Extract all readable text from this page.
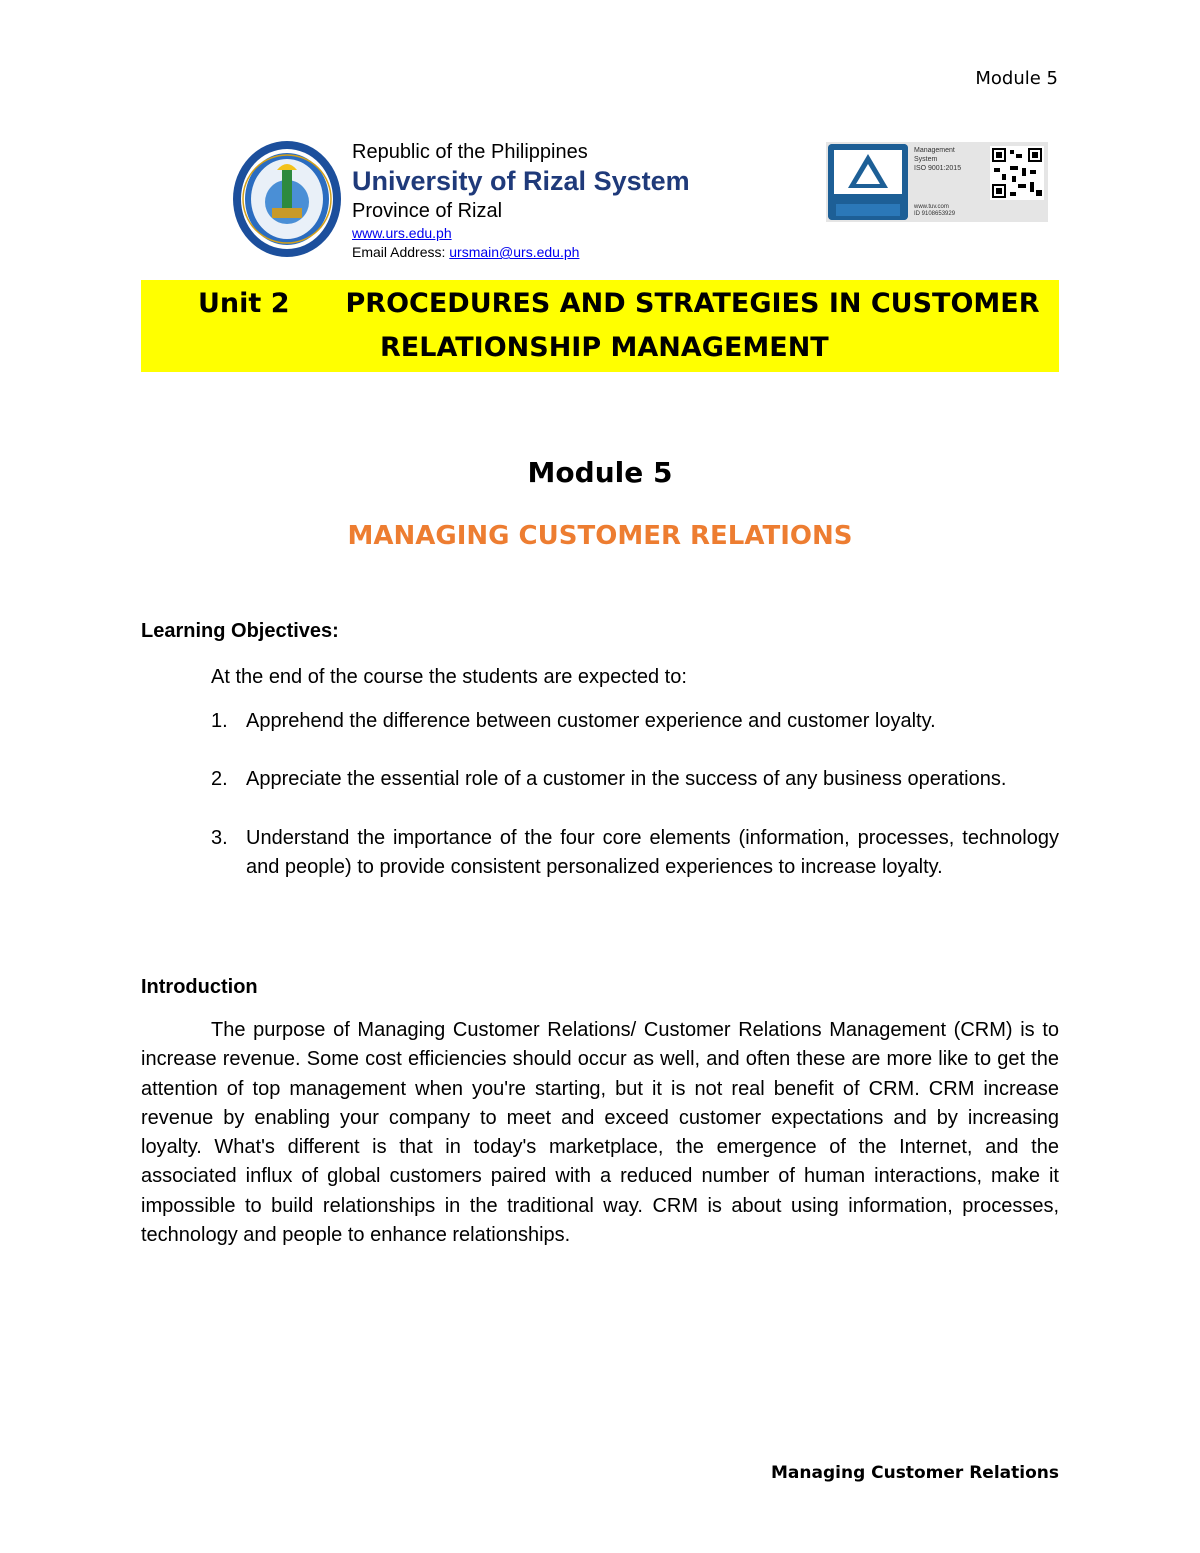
Module 5
Republic of the Philippines
University of Rizal System
Province of Rizal
www.urs.edu.ph
Email Address: ursmain@urs.edu.ph
Management
System
ISO 9001:2015
www.tuv.com
ID 9108653929
Unit 2 PROCEDURES AND STRATEGIES IN CUSTOMER
RELATIONSHIP MANAGEMENT
Module 5
MANAGING CUSTOMER RELATIONS
Learning Objectives:
At the end of the course the students are expected to:
1. Apprehend the difference between customer experience and customer loyalty.
2. Appreciate the essential role of a customer in the success of any business operations.
3. Understand the importance of the four core elements (information, processes, technology and people) to provide consistent personalized experiences to increase loyalty.
Introduction
The purpose of Managing Customer Relations/ Customer Relations Management (CRM) is to increase revenue. Some cost efficiencies should occur as well, and often these are more like to get the attention of top management when you're starting, but it is not real benefit of CRM. CRM increase revenue by enabling your company to meet and exceed customer expectations and by increasing loyalty. What's different is that in today's marketplace, the emergence of the Internet, and the associated influx of global customers paired with a reduced number of human interactions, make it impossible to build relationships in the traditional way. CRM is about using information, processes, technology and people to enhance relationships.
Managing Customer Relations
